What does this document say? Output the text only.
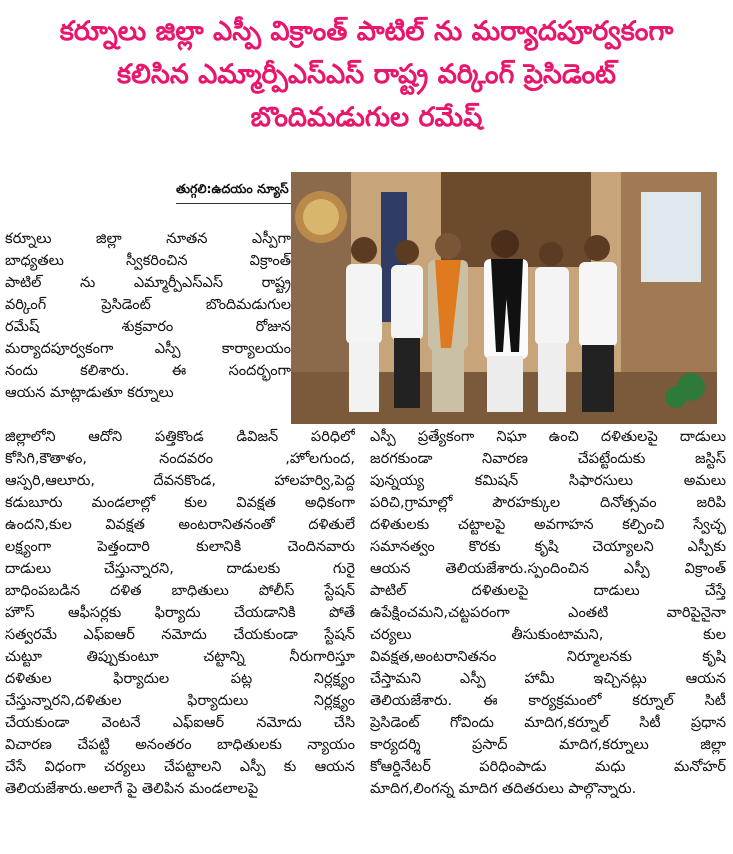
కర్నూలు జిల్లా ఎస్పీ విక్రాంత్ పాటిల్ ను మర్యాదపూర్వకంగా
కలిసిన ఎమ్మార్పీఎస్ఎస్ రాష్ట్ర వర్కింగ్ ప్రెసిడెంట్
బొందిమడుగుల రమేష్
తుగ్గలి:ఉదయం న్యూస్
కర్నూలు జిల్లా నూతన ఎస్పీగా
బాధ్యతలు స్వీకరించిన విక్రాంత్
పాటిల్ ను ఎమ్మార్పీఎస్ఎస్ రాష్ట్ర
వర్కింగ్ ప్రెసిడెంట్ బొందిమడుగుల
రమేష్ శుక్రవారం రోజున
మర్యాదపూర్వకంగా ఎస్పీ కార్యాలయం
నందు కలిశారు. ఈ సందర్భంగా
ఆయన మాట్లాడుతూ కర్నూలు
జిల్లాలోని ఆదోని పత్తికొండ డివిజన్ పరిధిలో
కోసిగి,కౌతాళం, నందవరం ,హోలగుంద,
ఆస్పరి,ఆలూరు, దేవనకొండ, హాలహర్వి,పెద్ద
కడుబూరు మండలాల్లో కుల వివక్షత అధికంగా
ఉందని,కుల వివక్షత అంటరానితనంతో దళితులే
లక్ష్యంగా పెత్తందారి కులానికి చెందినవారు
దాడులు చేస్తున్నారని, దాడులకు గురై
బాధింపబడిన దళిత బాధితులు పోలీస్ స్టేషన్
హౌస్ ఆఫీసర్లకు ఫిర్యాదు చేయడానికి పోతే
సత్వరమే ఎఫ్ఐఆర్ నమోదు చేయకుండా స్టేషన్
చుట్టూ తిప్పుకుంటూ చట్టాన్ని నీరుగారిస్తూ
దళితుల ఫిర్యాదుల పట్ల నిర్లక్ష్యం
చేస్తున్నారని,దళితుల ఫిర్యాదులు నిర్లక్ష్యం
చేయకుండా వెంటనే ఎఫ్ఐఆర్ నమోదు చేసి
విచారణ చేపట్టి అనంతరం బాధితులకు న్యాయం
చేసే విధంగా చర్యలు చేపట్టాలని ఎస్పీ కు ఆయన
తెలియజేశారు.అలాగే పై తెలిపిన మండలాలపై
ఎస్పీ ప్రత్యేకంగా నిఘా ఉంచి దళితులపై దాడులు
జరగకుండా నివారణ చేపట్టేందుకు జస్టిస్
పున్నయ్య కమిషన్ సిఫారసులు అమలు
పరిచి,గ్రామాల్లో పౌరహక్కుల దినోత్సవం జరిపి
దళితులకు చట్టాలపై అవగాహన కల్పించి స్వేచ్ఛ
సమానత్వం కొరకు కృషి చెయ్యాలని ఎస్పీకు
ఆయన తెలియజేశారు.స్పందించిన ఎస్పీ విక్రాంత్
పాటిల్ దళితులపై దాడులు చేస్తే
ఉపేక్షించమని,చట్టపరంగా ఎంతటి వారిపైనైనా
చర్యలు తీసుకుంటామని, కుల
వివక్షత,అంటరానితనం నిర్మూలనకు కృషి
చేస్తామని ఎస్పీ హామీ ఇచ్చినట్లు ఆయన
తెలియజేశారు. ఈ కార్యక్రమంలో కర్నూల్ సిటీ
ప్రెసిడెంట్ గోవిందు మాదిగ,కర్నూల్ సిటీ ప్రధాన
కార్యదర్శి ప్రసాద్ మాదిగ,కర్నూలు జిల్లా
కోఆర్డినేటర్ పరిధింపాడు మధు మనోహర్
మాదిగ,లింగన్న మాదిగ తదితరులు పాల్గొన్నారు.
